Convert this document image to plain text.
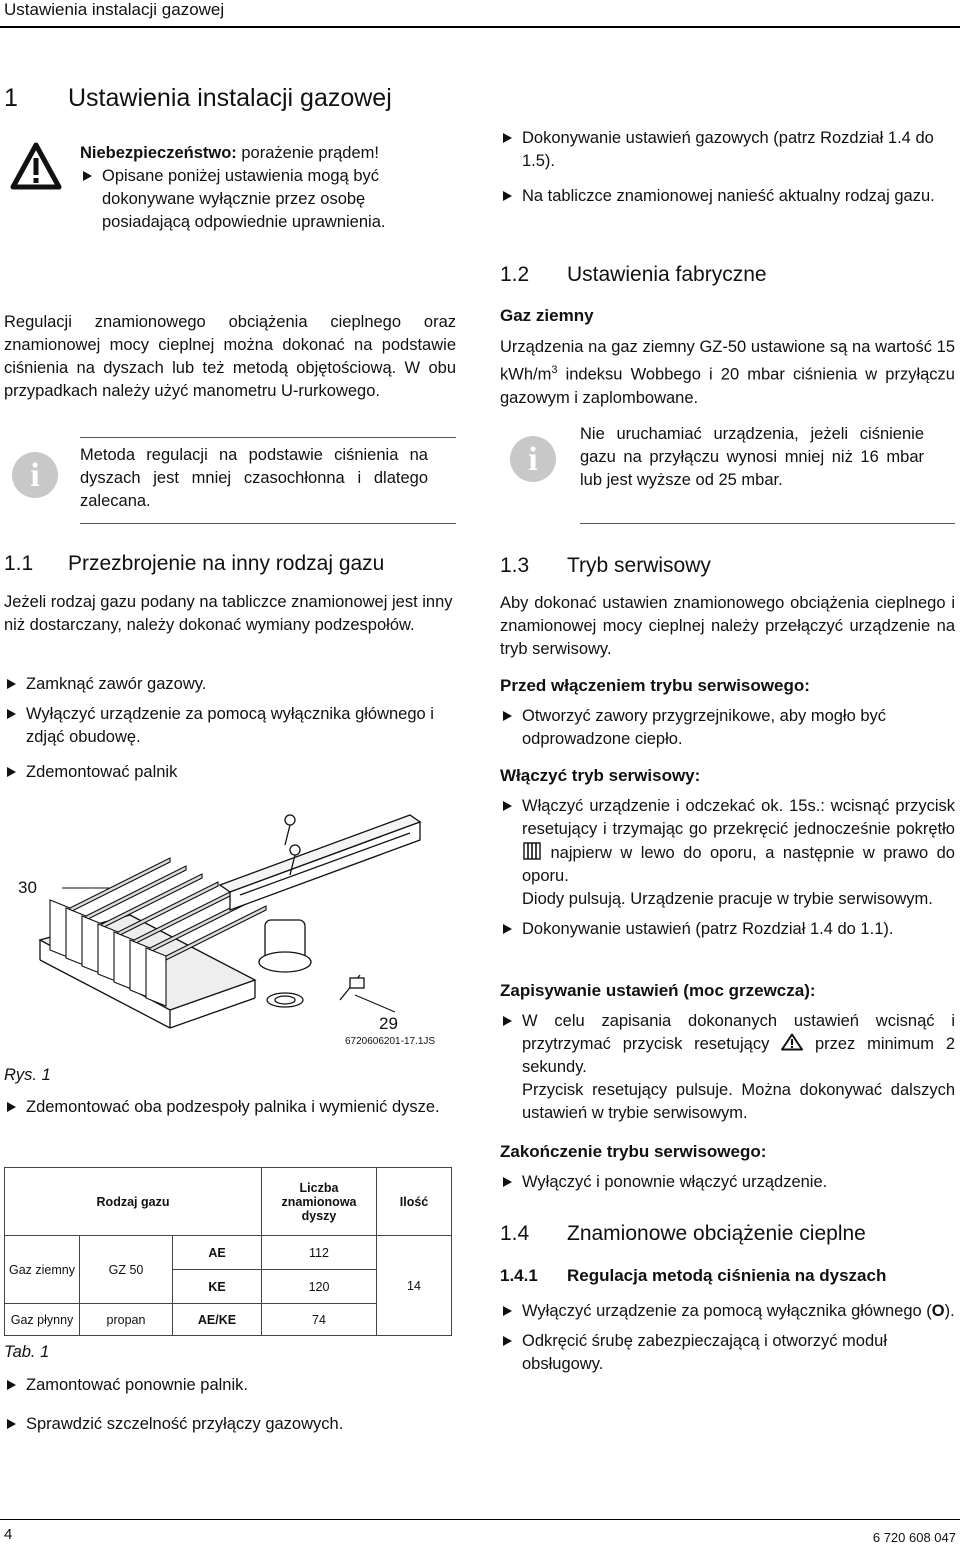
Ustawienia instalacji gazowej
1 Ustawienia instalacji gazowej

Niebezpieczeństwo: porażenie prądem!

Opisane poniżej ustawienia mogą być dokonywane wyłącznie przez osobę posiadającą odpowiednie uprawnienia.

Regulacji znamionowego obciążenia cieplnego oraz znamionowej mocy cieplnej można dokonać na podstawie ciśnienia na dyszach lub też metodą objętościową. W obu przypadkach należy użyć manometru U-rurkowego.

i

Metoda regulacji na podstawie ciśnienia na dyszach jest mniej czasochłonna i dlatego zalecana.

1.1 Przezbrojenie na inny rodzaj gazu

Jeżeli rodzaj gazu podany na tabliczce znamionowej jest inny niż dostarczany, należy dokonać wymiany podzespołów.

Zamknąć zawór gazowy.
Wyłączyć urządzenie za pomocą wyłącznika głównego i zdjąć obudowę.
Zdemontować palnik
30
29
6720606201-17.1JS
Rys. 1
Zdemontować oba podzespoły palnika i wymienić dysze.
Rodzaj gazu			Liczba znamionowa dyszy	Ilość
Gaz ziemny	GZ 50	AE	112	14
		KE	120	
Gaz płynny	propan	AE/KE	74	
Tab. 1
Zamontować ponownie palnik.
Sprawdzić szczelność przyłączy gazowych.
Dokonywanie ustawień gazowych (patrz Rozdział 1.4 do 1.5).
Na tabliczce znamionowej nanieść aktualny rodzaj gazu.
1.2 Ustawienia fabryczne
Gaz ziemny

Urządzenia na gaz ziemny GZ-50 ustawione są na wartość 15 kWh/$m^3$ indeksu Wobbego i 20 mbar ciśnienia w przyłączu gazowym i zaplombowane.

i

Nie uruchamiać urządzenia, jeżeli ciśnienie gazu na przyłączu wynosi mniej niż 16 mbar lub jest wyższe od 25 mbar.

1.3 Tryb serwisowy

Aby dokonać ustawien znamionowego obciążenia cieplnego i znamionowej mocy cieplnej należy przełączyć urządzenie na tryb serwisowy.

Przed włączeniem trybu serwisowego:
Otworzyć zawory przygrzejnikowe, aby mogło być odprowadzone ciepło.
Włączyć tryb serwisowy:
Włączyć urządzenie i odczekać ok. 15s.: wcisnąć przycisk resetujący i trzymając go przekręcić jednocześnie pokrętło  najpierw w lewo do oporu, a następnie w prawo do oporu.
Diody pulsują. Urządzenie pracuje w trybie serwisowym.
Dokonywanie ustawień (patrz Rozdział 1.4 do 1.1).
Zapisywanie ustawień (moc grzewcza):
W celu zapisania dokonanych ustawień wcisnąć i przytrzymać przycisk resetujący  przez minimum 2 sekundy.
Przycisk resetujący pulsuje. Można dokonywać dalszych ustawień w trybie serwisowym.
Zakończenie trybu serwisowego:
Wyłączyć i ponownie włączyć urządzenie.
1.4 Znamionowe obciążenie cieplne
1.4.1 Regulacja metodą ciśnienia na dyszach
Wyłączyć urządzenie za pomocą wyłącznika głównego (O).
Odkręcić śrubę zabezpieczającą i otworzyć moduł obsługowy.
4	6 720 608 047
